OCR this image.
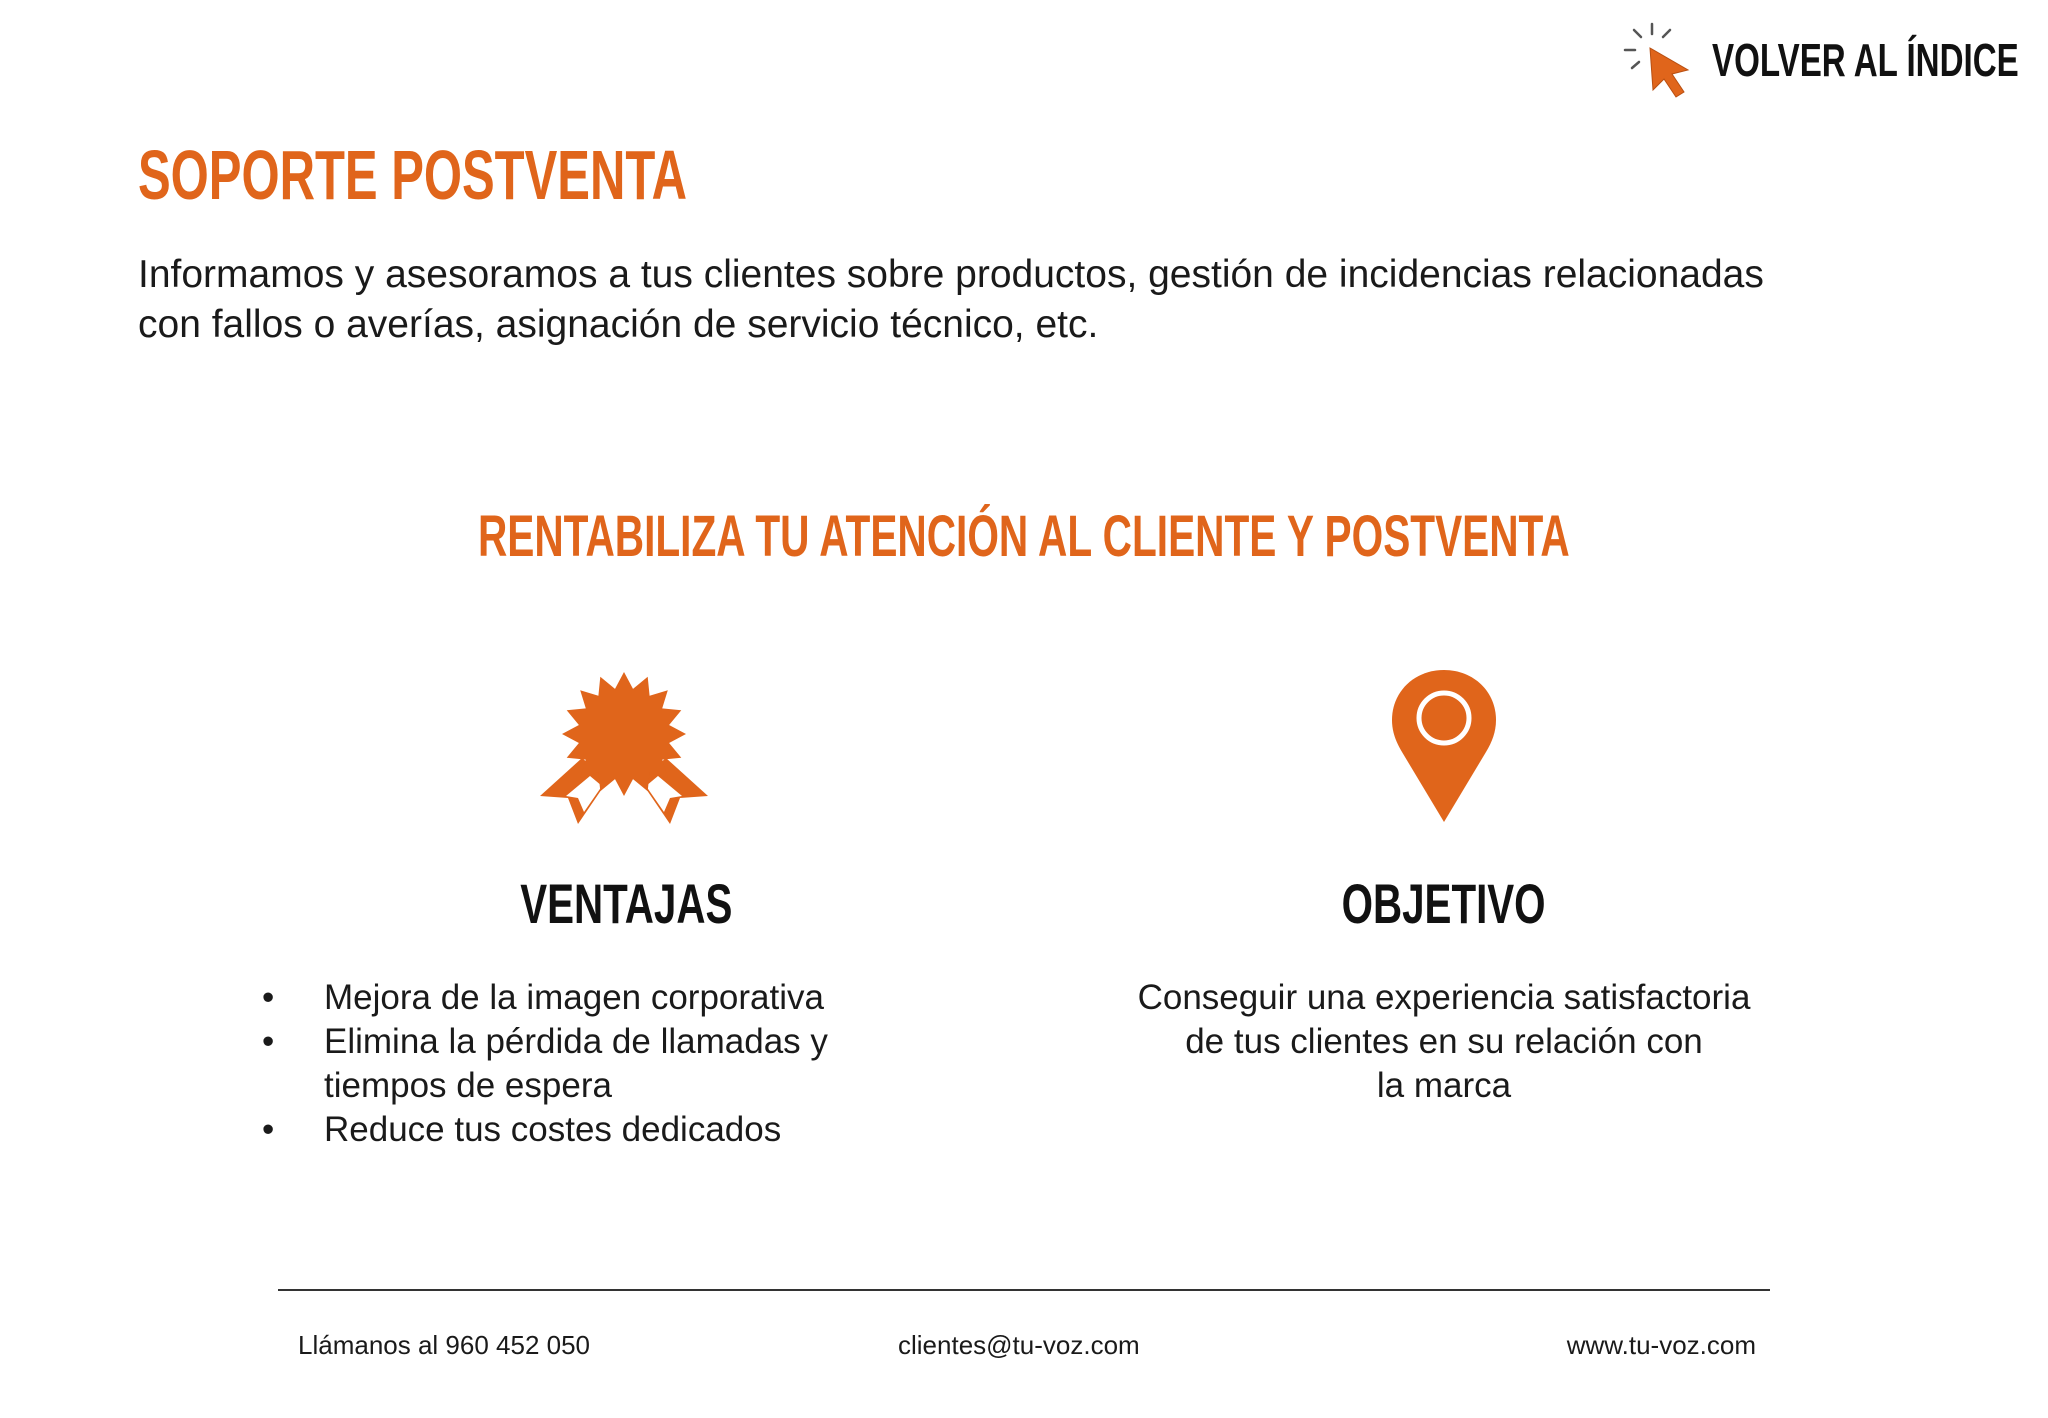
VOLVER AL ÍNDICE
SOPORTE POSTVENTA

Informamos y asesoramos a tus clientes sobre productos, gestión de incidencias relacionadas con fallos o averías, asignación de servicio técnico, etc.

RENTABILIZA TU ATENCIÓN AL CLIENTE Y POSTVENTA
VENTAJAS	OBJETIVO
• Mejora de la imagen corporativa
• Elimina la pérdida de llamadas y tiempos de espera
• Reduce tus costes dedicados
Conseguir una experiencia satisfactoria
de tus clientes en su relación con
la marca
Llámanos al 960 452 050	clientes@tu-voz.com	www.tu-voz.com
